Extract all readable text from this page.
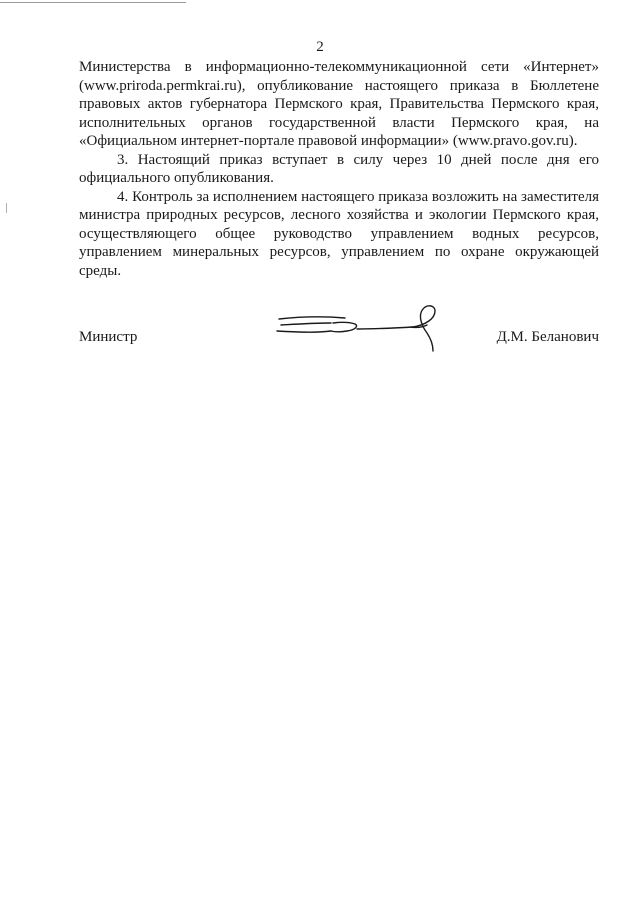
2

Министерства в информационно-телекоммуникационной сети «Интернет» (www.priroda.permkrai.ru), опубликование настоящего приказа в Бюллетене правовых актов губернатора Пермского края, Правительства Пермского края, исполнительных органов государственной власти Пермского края, на «Официальном интернет-портале правовой информации» (www.pravo.gov.ru).

3. Настоящий приказ вступает в силу через 10 дней после дня его официального опубликования.

4. Контроль за исполнением настоящего приказа возложить на заместителя министра природных ресурсов, лесного хозяйства и экологии Пермского края, осуществляющего общее руководство управлением водных ресурсов, управлением минеральных ресурсов, управлением по охране окружающей среды.

Министр	Д.М. Беланович
